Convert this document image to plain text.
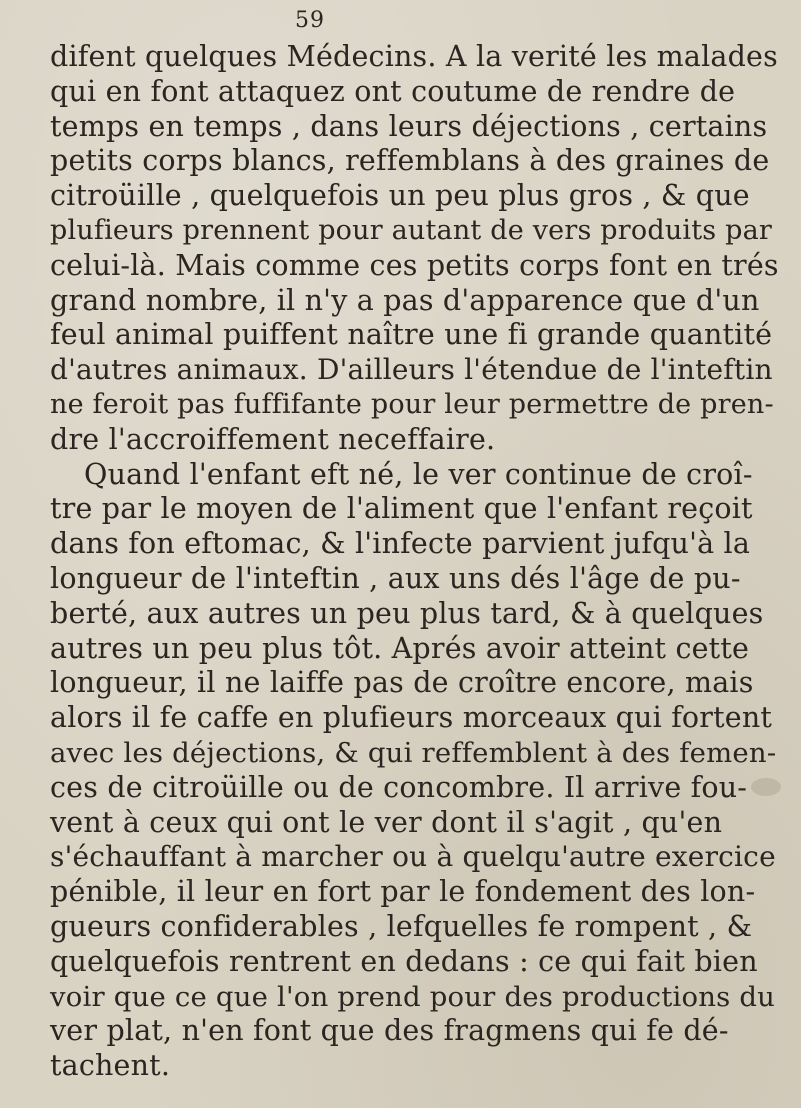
59
difent quelques Médecins. A la verité les malades
qui en font attaquez ont coutume de rendre de
temps en temps , dans leurs déjections , certains
petits corps blancs, reffemblans à des graines de
citroüille , quelquefois un peu plus gros , & que
plufieurs prennent pour autant de vers produits par
celui-là. Mais comme ces petits corps font en trés
grand nombre, il n'y a pas d'apparence que d'un
feul animal puiffent naître une fi grande quantité
d'autres animaux. D'ailleurs l'étendue de l'inteftin
ne feroit pas fuffifante pour leur permettre de pren-
dre l'accroiffement neceffaire.
Quand l'enfant eft né, le ver continue de croî-
tre par le moyen de l'aliment que l'enfant reçoit
dans fon eftomac, & l'infecte parvient jufqu'à la
longueur de l'inteftin , aux uns dés l'âge de pu-
berté, aux autres un peu plus tard, & à quelques
autres un peu plus tôt. Aprés avoir atteint cette
longueur, il ne laiffe pas de croître encore, mais
alors il fe caffe en plufieurs morceaux qui fortent
avec les déjections, & qui reffemblent à des femen-
ces de citroüille ou de concombre. Il arrive fou-
vent à ceux qui ont le ver dont il s'agit , qu'en
s'échauffant à marcher ou à quelqu'autre exercice
pénible, il leur en fort par le fondement des lon-
gueurs confiderables , lefquelles fe rompent , &
quelquefois rentrent en dedans : ce qui fait bien
voir que ce que l'on prend pour des productions du
ver plat, n'en font que des fragmens qui fe dé-
tachent.
